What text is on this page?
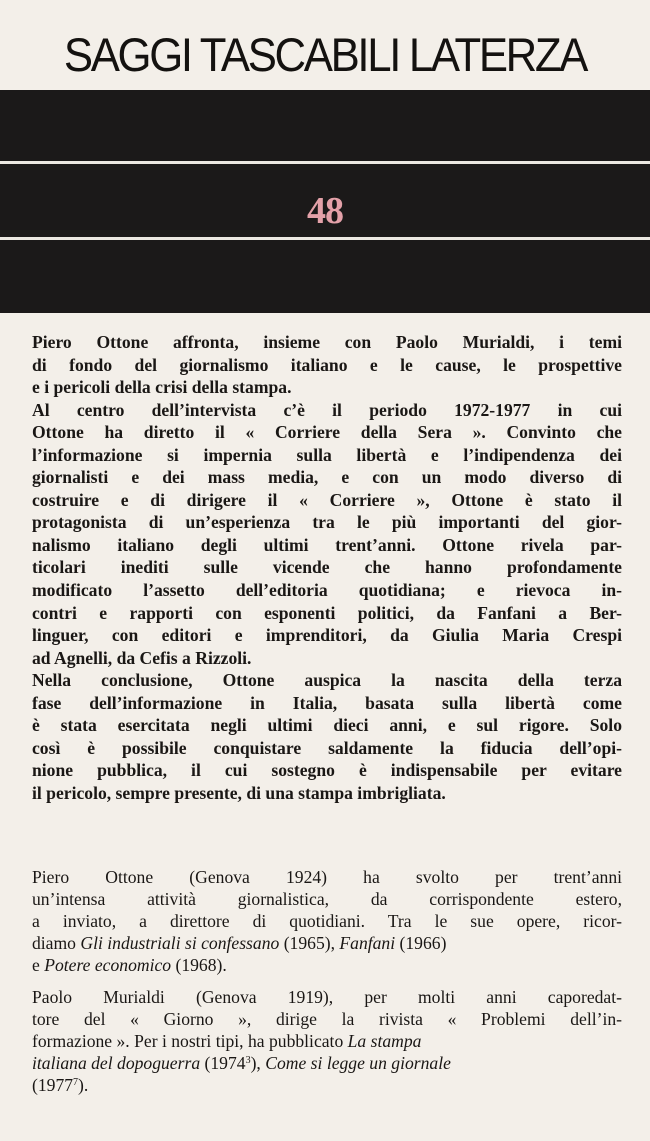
SAGGI TASCABILI LATERZA
48
Piero Ottone affronta, insieme con Paolo Murialdi, i temi
di fondo del giornalismo italiano e le cause, le prospettive
e i pericoli della crisi della stampa.
Al centro dell’intervista c’è il periodo 1972-1977 in cui
Ottone ha diretto il « Corriere della Sera ». Convinto che
l’informazione si impernia sulla libertà e l’indipendenza dei
giornalisti e dei mass media, e con un modo diverso di
costruire e di dirigere il « Corriere », Ottone è stato il
protagonista di un’esperienza tra le più importanti del gior-
nalismo italiano degli ultimi trent’anni. Ottone rivela par-
ticolari inediti sulle vicende che hanno profondamente
modificato l’assetto dell’editoria quotidiana; e rievoca in-
contri e rapporti con esponenti politici, da Fanfani a Ber-
linguer, con editori e imprenditori, da Giulia Maria Crespi
ad Agnelli, da Cefis a Rizzoli.
Nella conclusione, Ottone auspica la nascita della terza
fase dell’informazione in Italia, basata sulla libertà come
è stata esercitata negli ultimi dieci anni, e sul rigore. Solo
così è possibile conquistare saldamente la fiducia dell’opi-
nione pubblica, il cui sostegno è indispensabile per evitare
il pericolo, sempre presente, di una stampa imbrigliata.
Piero Ottone (Genova 1924) ha svolto per trent’anni
un’intensa attività giornalistica, da corrispondente estero,
a inviato, a direttore di quotidiani. Tra le sue opere, ricor-
diamo Gli industriali si confessano (1965), Fanfani (1966)
e Potere economico (1968).
Paolo Murialdi (Genova 1919), per molti anni caporedat-
tore del « Giorno », dirige la rivista « Problemi dell’in-
formazione ». Per i nostri tipi, ha pubblicato La stampa
italiana del dopoguerra (1974$^3$), Come si legge un giornale
(1977$^7$).
